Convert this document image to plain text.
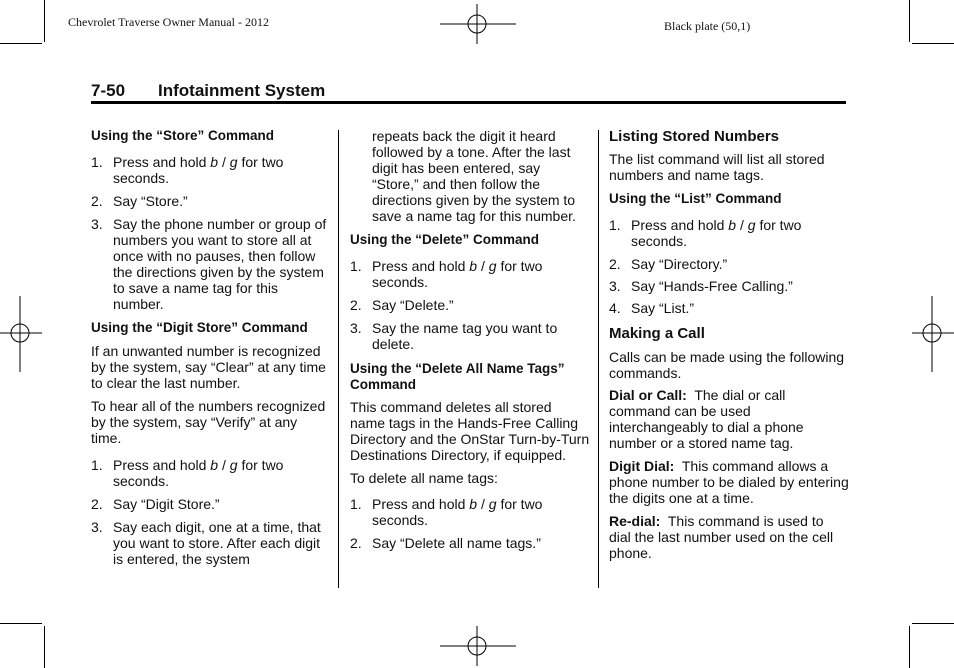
Chevrolet Traverse Owner Manual - 2012	Black plate (50,1)
7-50 Infotainment System
Using the “Store” Command
1. Press and hold b / g for two seconds.
2. Say “Store.”
3. Say the phone number or group of numbers you want to store all at once with no pauses, then follow the directions given by the system to save a name tag for this number.
Using the “Digit Store” Command

If an unwanted number is recognized by the system, say “Clear” at any time to clear the last number.

To hear all of the numbers recognized by the system, say “Verify” at any time.

1. Press and hold b / g for two seconds.
2. Say “Digit Store.”
3. Say each digit, one at a time, that you want to store. After each digit is entered, the system
repeats back the digit it heard followed by a tone. After the last digit has been entered, say “Store,” and then follow the directions given by the system to save a name tag for this number.
Using the “Delete” Command
1. Press and hold b / g for two seconds.
2. Say “Delete.”
3. Say the name tag you want to delete.
Using the “Delete All Name Tags” Command

This command deletes all stored name tags in the Hands-Free Calling Directory and the OnStar Turn-by-Turn Destinations Directory, if equipped.

To delete all name tags:

1. Press and hold b / g for two seconds.
2. Say “Delete all name tags.”
Listing Stored Numbers

The list command will list all stored numbers and name tags.

Using the “List” Command
1. Press and hold b / g for two seconds.
2. Say “Directory.”
3. Say “Hands-Free Calling.”
4. Say “List.”
Making a Call

Calls can be made using the following commands.

Dial or Call: The dial or call command can be used interchangeably to dial a phone number or a stored name tag.

Digit Dial: This command allows a phone number to be dialed by entering the digits one at a time.

Re-dial: This command is used to dial the last number used on the cell phone.
